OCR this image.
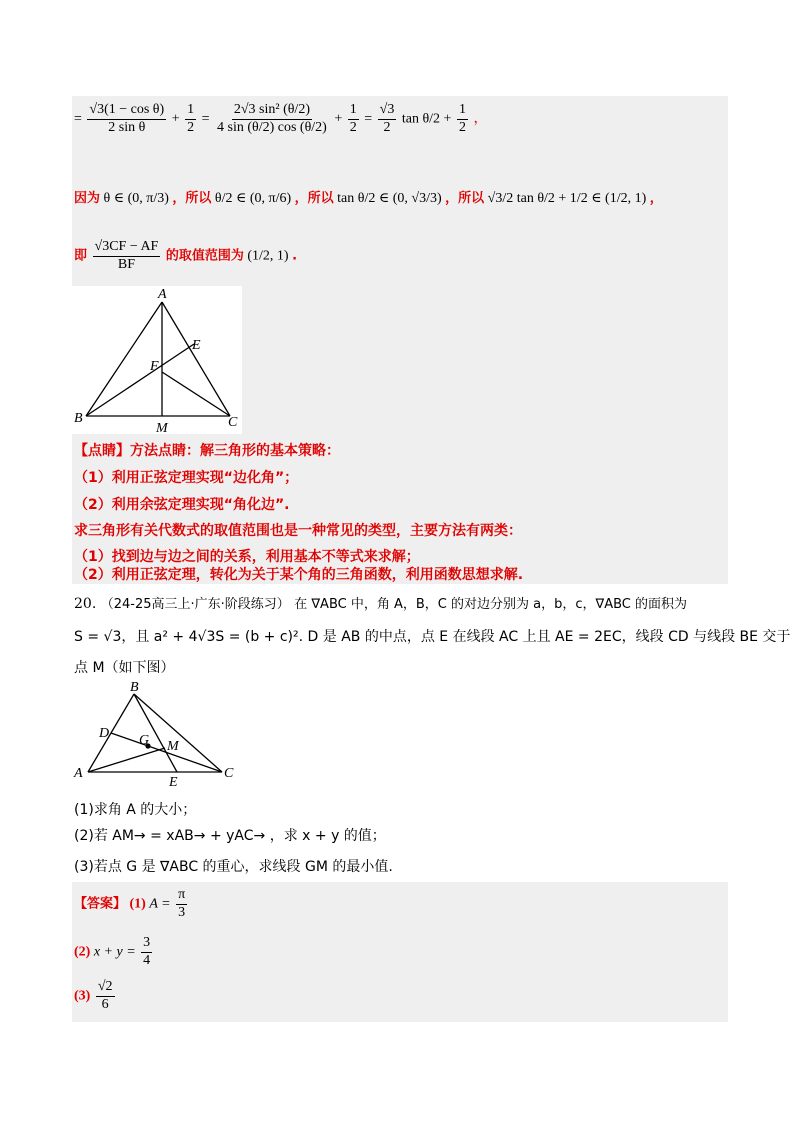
= $\frac{\text{√3(1 − cos θ)}}{\text{2 sin θ}} + \frac{1}{2} = \frac{\text{2√3 sin² (θ/2)}}{4 \sin (\theta/2) \cos (\theta/2)} + \frac{1}{2} = \frac{√3}{2}$ $\tan \theta/2 + \frac{1}{2}$ ，
因为 θ ∈ (0, π/3) ，所以 θ/2 ∈ (0, π/6) ，所以 tan θ/2 ∈ (0, √3/3) ，所以 √3/2 tan θ/2 + 1/2 ∈ (1/2, 1) ，
即 $\frac{√3CF - AF}{BF}$ 的取值范围为 (1/2, 1) .
A
B	C
E
F
M
【点睛】方法点睛：解三角形的基本策略：
（1）利用正弦定理实现“边化角”；
（2）利用余弦定理实现“角化边”.
求三角形有关代数式的取值范围也是一种常见的类型，主要方法有两类：
（1）找到边与边之间的关系，利用基本不等式来求解；
（2）利用正弦定理，转化为关于某个角的三角函数，利用函数思想求解.
20. （24-25高三上·广东·阶段练习） 在 ∇ABC 中，角 A，B，C 的对边分别为 a，b，c，∇ABC 的面积为
S = √3，且 a² + 4√3S = (b + c)². D 是 AB 的中点，点 E 在线段 AC 上且 AE = 2EC，线段 CD 与线段 BE 交于
点 M（如下图）
A
B
C
D
E
G M
(1)求角 A 的大小；
(2)若 AM→ = xAB→ + yAC→ ，求 x + y 的值；
(3)若点 G 是 ∇ABC 的重心，求线段 GM 的最小值.
【答案】 (1) $A = \frac{\pi}{3}$
(2) $x + y = \frac{3}{4}$
$(3) \frac{√2}{6}$
